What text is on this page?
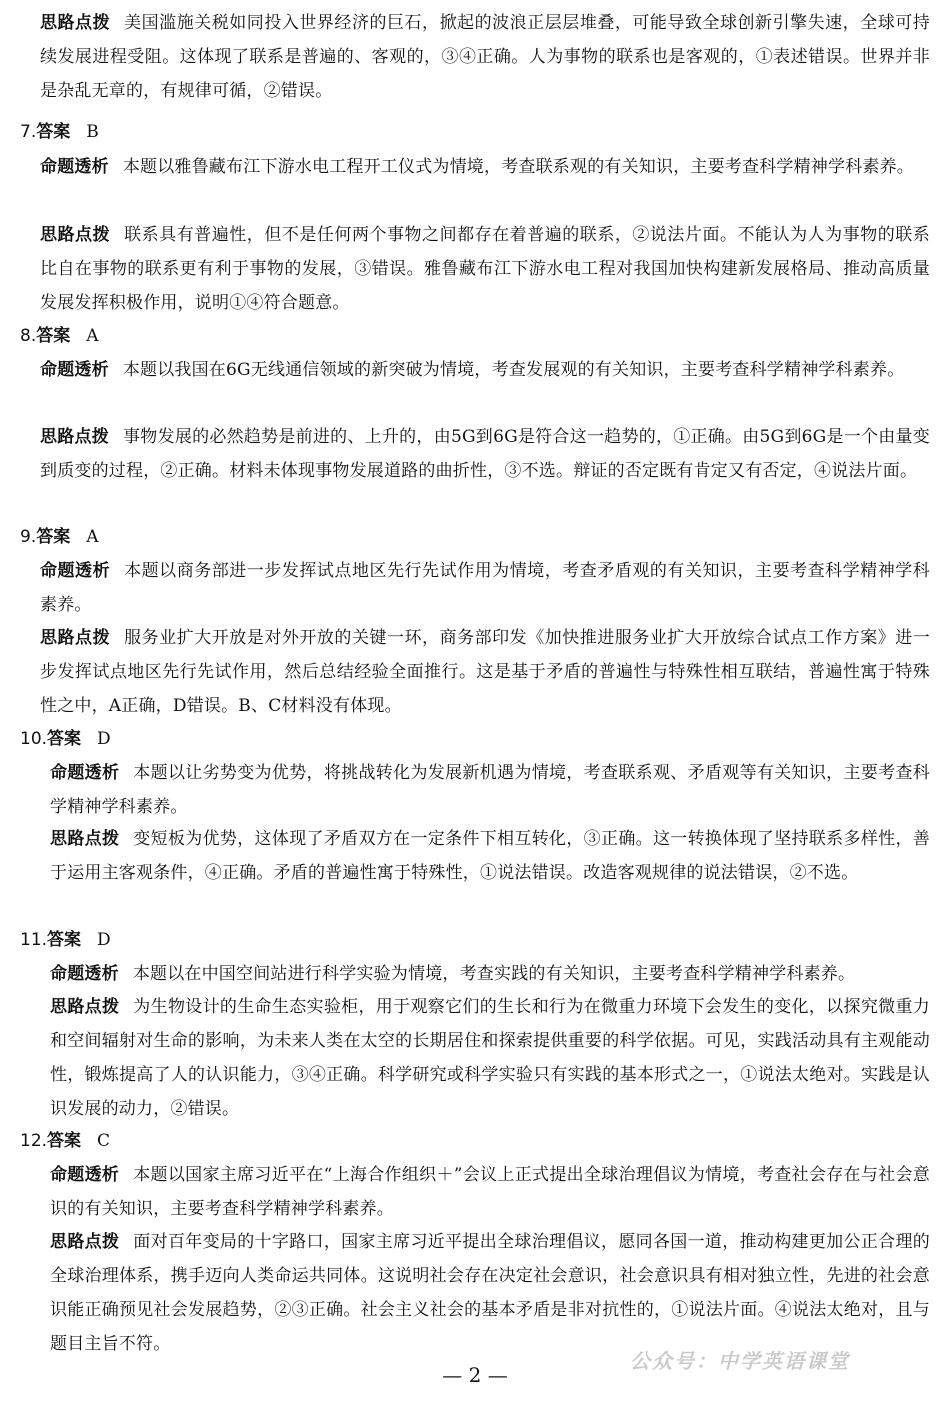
思路点拨 美国滥施关税如同投入世界经济的巨石，掀起的波浪正层层堆叠，可能导致全球创新引擎失速，全球可持续发展进程受阻。这体现了联系是普遍的、客观的，③④正确。人为事物的联系也是客观的，①表述错误。世界并非是杂乱无章的，有规律可循，②错误。

7.答案 B

命题透析 本题以雅鲁藏布江下游水电工程开工仪式为情境，考查联系观的有关知识，主要考查科学精神学科素养。

思路点拨 联系具有普遍性，但不是任何两个事物之间都存在着普遍的联系，②说法片面。不能认为人为事物的联系比自在事物的联系更有利于事物的发展，③错误。雅鲁藏布江下游水电工程对我国加快构建新发展格局、推动高质量发展发挥积极作用，说明①④符合题意。

8.答案 A

命题透析 本题以我国在6G无线通信领域的新突破为情境，考查发展观的有关知识，主要考查科学精神学科素养。

思路点拨 事物发展的必然趋势是前进的、上升的，由5G到6G是符合这一趋势的，①正确。由5G到6G是一个由量变到质变的过程，②正确。材料未体现事物发展道路的曲折性，③不选。辩证的否定既有肯定又有否定，④说法片面。

9.答案 A

命题透析 本题以商务部进一步发挥试点地区先行先试作用为情境，考查矛盾观的有关知识，主要考查科学精神学科素养。

思路点拨 服务业扩大开放是对外开放的关键一环，商务部印发《加快推进服务业扩大开放综合试点工作方案》进一步发挥试点地区先行先试作用，然后总结经验全面推行。这是基于矛盾的普遍性与特殊性相互联结，普遍性寓于特殊性之中，A正确，D错误。B、C材料没有体现。

10.答案 D

命题透析 本题以让劣势变为优势，将挑战转化为发展新机遇为情境，考查联系观、矛盾观等有关知识，主要考查科学精神学科素养。

思路点拨 变短板为优势，这体现了矛盾双方在一定条件下相互转化，③正确。这一转换体现了坚持联系多样性，善于运用主客观条件，④正确。矛盾的普遍性寓于特殊性，①说法错误。改造客观规律的说法错误，②不选。

11.答案 D

命题透析 本题以在中国空间站进行科学实验为情境，考查实践的有关知识，主要考查科学精神学科素养。

思路点拨 为生物设计的生命生态实验柜，用于观察它们的生长和行为在微重力环境下会发生的变化，以探究微重力和空间辐射对生命的影响，为未来人类在太空的长期居住和探索提供重要的科学依据。可见，实践活动具有主观能动性，锻炼提高了人的认识能力，③④正确。科学研究或科学实验只有实践的基本形式之一，①说法太绝对。实践是认识发展的动力，②错误。

12.答案 C

命题透析 本题以国家主席习近平在“上海合作组织＋”会议上正式提出全球治理倡议为情境，考查社会存在与社会意识的有关知识，主要考查科学精神学科素养。

思路点拨 面对百年变局的十字路口，国家主席习近平提出全球治理倡议，愿同各国一道，推动构建更加公正合理的全球治理体系，携手迈向人类命运共同体。这说明社会存在决定社会意识，社会意识具有相对独立性，先进的社会意识能正确预见社会发展趋势，②③正确。社会主义社会的基本矛盾是非对抗性的，①说法片面。④说法太绝对，且与题目主旨不符。

— 2 —
公众号：中学英语课堂
